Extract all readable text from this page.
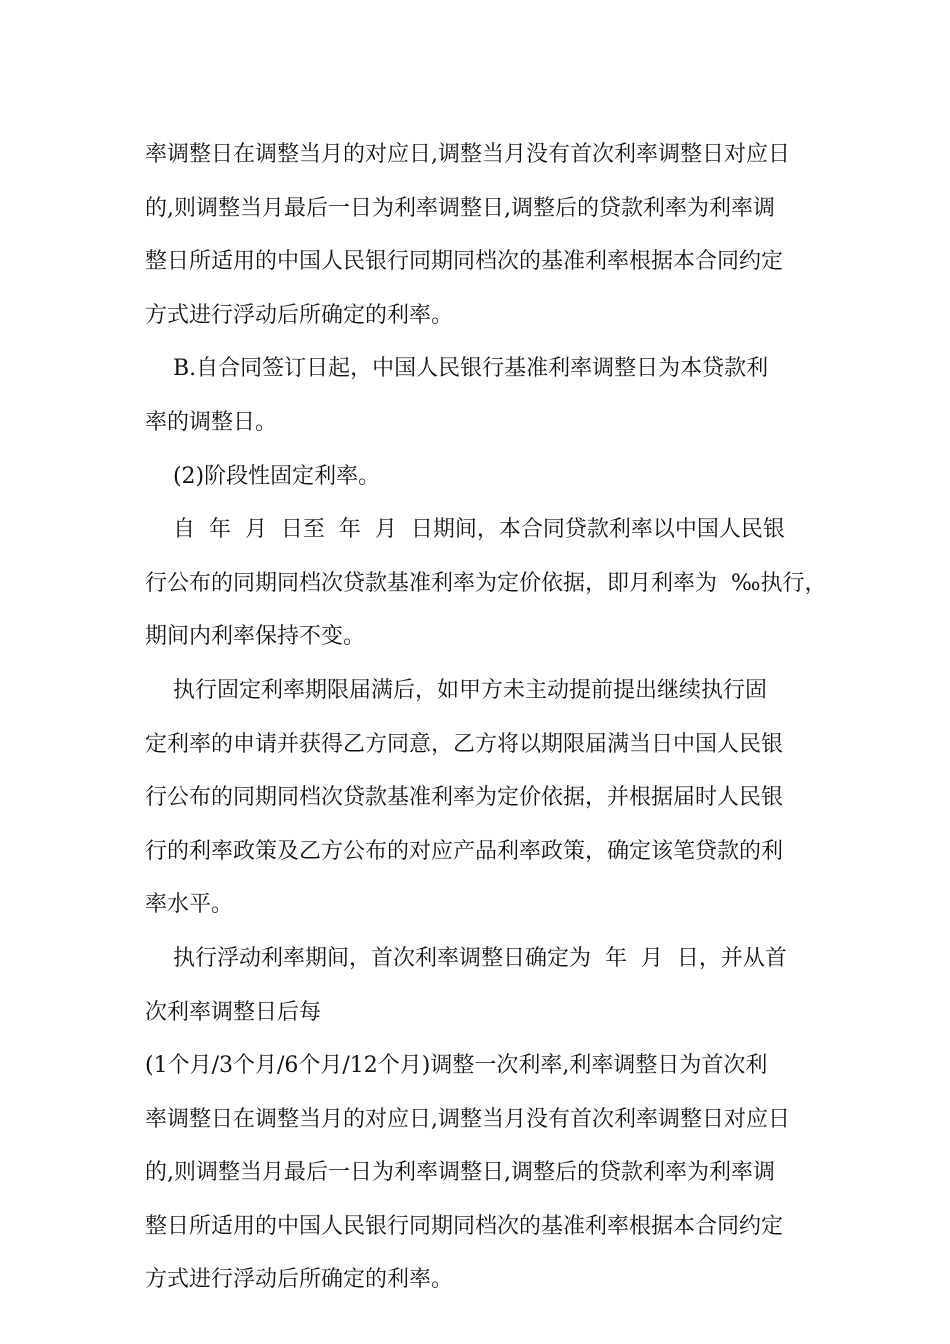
率调整日在调整当月的对应日,调整当月没有首次利率调整日对应日
的,则调整当月最后一日为利率调整日,调整后的贷款利率为利率调
整日所适用的中国人民银行同期同档次的基准利率根据本合同约定
方式进行浮动后所确定的利率。
B.自合同签订日起，中国人民银行基准利率调整日为本贷款利
率的调整日。
(2)阶段性固定利率。
自  年  月  日至  年  月  日期间，本合同贷款利率以中国人民银
行公布的同期同档次贷款基准利率为定价依据，即月利率为  ‰执行，
期间内利率保持不变。
执行固定利率期限届满后，如甲方未主动提前提出继续执行固
定利率的申请并获得乙方同意，乙方将以期限届满当日中国人民银
行公布的同期同档次贷款基准利率为定价依据，并根据届时人民银
行的利率政策及乙方公布的对应产品利率政策，确定该笔贷款的利
率水平。
执行浮动利率期间，首次利率调整日确定为  年  月  日，并从首
次利率调整日后每
(1个月/3个月/6个月/12个月)调整一次利率,利率调整日为首次利
率调整日在调整当月的对应日,调整当月没有首次利率调整日对应日
的,则调整当月最后一日为利率调整日,调整后的贷款利率为利率调
整日所适用的中国人民银行同期同档次的基准利率根据本合同约定
方式进行浮动后所确定的利率。
